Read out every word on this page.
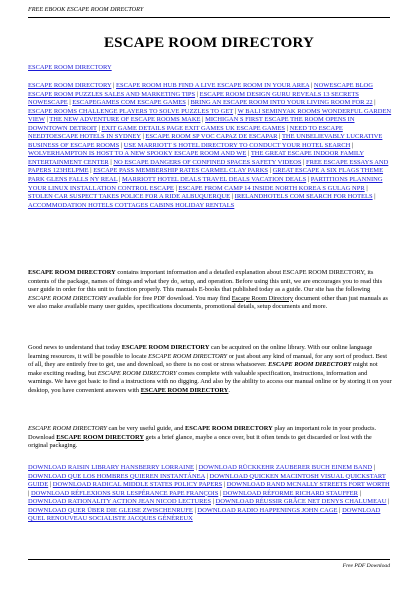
FREE EBOOK ESCAPE ROOM DIRECTORY
ESCAPE ROOM DIRECTORY
ESCAPE ROOM DIRECTORY

ESCAPE ROOM DIRECTORY | ESCAPE ROOM HUB FIND A LIVE ESCAPE ROOM IN YOUR AREA | NOWESCAPE BLOG ESCAPE ROOM PUZZLES SALES AND MARKETING TIPS | ESCAPE ROOM DESIGN GURU REVEALS 13 SECRETS NOWESCAPE | ESCAPEGAMES COM ESCAPE GAMES | BRING AN ESCAPE ROOM INTO YOUR LIVING ROOM FOR 22 | ESCAPE ROOMS CHALLENGE PLAYERS TO SOLVE PUZZLES TO GET | W BALI SEMINYAK ROOMS WONDERFUL GARDEN VIEW | THE NEW ADVENTURE OF ESCAPE ROOMS MAKE | MICHIGAN S FIRST ESCAPE THE ROOM OPENS IN DOWNTOWN DETROIT | EXIT GAME DETAILS PAGE EXIT GAMES UK ESCAPE GAMES | NEED TO ESCAPE NEEDTOESCAPE HOTELS IN SYDNEY | ESCAPE ROOM SP VOC CAPAZ DE ESCAPAR | THE UNBELIEVABLY LUCRATIVE BUSINESS OF ESCAPE ROOMS | USE MARRIOTT S HOTEL DIRECTORY TO CONDUCT YOUR HOTEL SEARCH | WOLVERHAMPTON IS HOST TO A NEW SPOOKY ESCAPE ROOM AND WE | THE GREAT ESCAPE INDOOR FAMILY ENTERTAINMENT CENTER | NO ESCAPE DANGERS OF CONFINED SPACES SAFETY VIDEOS | FREE ESCAPE ESSAYS AND PAPERS 123HELPME | ESCAPE PASS MEMBERSHIP RATES CARMEL CLAY PARKS | GREAT ESCAPE A SIX FLAGS THEME PARK GLENS FALLS NY REAL | MARRIOTT HOTEL DEALS TRAVEL DEALS VACATION DEALS | PARTITIONS PLANNING YOUR LINUX INSTALLATION CONTROL ESCAPE | ESCAPE FROM CAMP 14 INSIDE NORTH KOREA S GULAG NPR | STOLEN CAR SUSPECT TAKES POLICE FOR A RIDE ALBUQUERQUE | IRELANDHOTELS COM SEARCH FOR HOTELS | ACCOMMODATION HOTELS COTTAGES CABINS HOLIDAY RENTALS

ESCAPE ROOM DIRECTORY contains important information and a detailed explanation about ESCAPE ROOM DIRECTORY, its contents of the package, names of things and what they do, setup, and operation. Before using this unit, we are encourages you to read this user guide in order for this unit to function properly. This manuals E-books that published today as a guide. Our site has the following ESCAPE ROOM DIRECTORY available for free PDF download. You may find Escape Room Directory document other than just manuals as we also make available many user guides, specifications documents, promotional details, setup documents and more.

Good news to understand that today ESCAPE ROOM DIRECTORY can be acquired on the online library. With our online language learning resources, it will be possible to locate ESCAPE ROOM DIRECTORY or just about any kind of manual, for any sort of product. Best of all, they are entirely free to get, use and download, so there is no cost or stress whatsoever. ESCAPE ROOM DIRECTORY might not make exciting reading, but ESCAPE ROOM DIRECTORY comes complete with valuable specification, instructions, information and warnings. We have got basic to find a instructions with no digging. And also by the ability to access our manual online or by storing it on your desktop, you have convenient answers with ESCAPE ROOM DIRECTORY.

ESCAPE ROOM DIRECTORY can be very useful guide, and ESCAPE ROOM DIRECTORY play an important role in your products. Download ESCAPE ROOM DIRECTORY gets a brief glance, maybe a once over, but it often tends to get discarded or lost with the original packaging.

DOWNLOAD RAISIN LIBRARY HANSBERRY LORRAINE | DOWNLOAD RÜCKKEHR ZAUBERER BUCH EINEM BAND | DOWNLOAD QUE LOS HOMBRES QUIEREN INSTANTÁNEA | DOWNLOAD QUICKEN MACINTOSH VISUAL QUICKSTART GUIDE | DOWNLOAD RADICAL MIDDLE STATES POLICY PAPERS | DOWNLOAD RAND MCNALLY STREETS FORT WORTH | DOWNLOAD RÉFLEXIONS SUR LESPÉRANCE PAPE FRANÇOIS | DOWNLOAD RÉFORME RICHARD STAUFFER | DOWNLOAD RATIONALITY ACTION JEAN NICOD LECTURES | DOWNLOAD RÉUSSIR GRÂCE NET DENYS CHALUMEAU | DOWNLOAD QUER ÜBER DIE GLEISE ZWISCHENRUFE | DOWNLOAD RADIO HAPPENINGS JOHN CAGE | DOWNLOAD QUEL RENOUVEAU SOCIALISTE JACQUES GÉNÉREUX

Free PDF Download
